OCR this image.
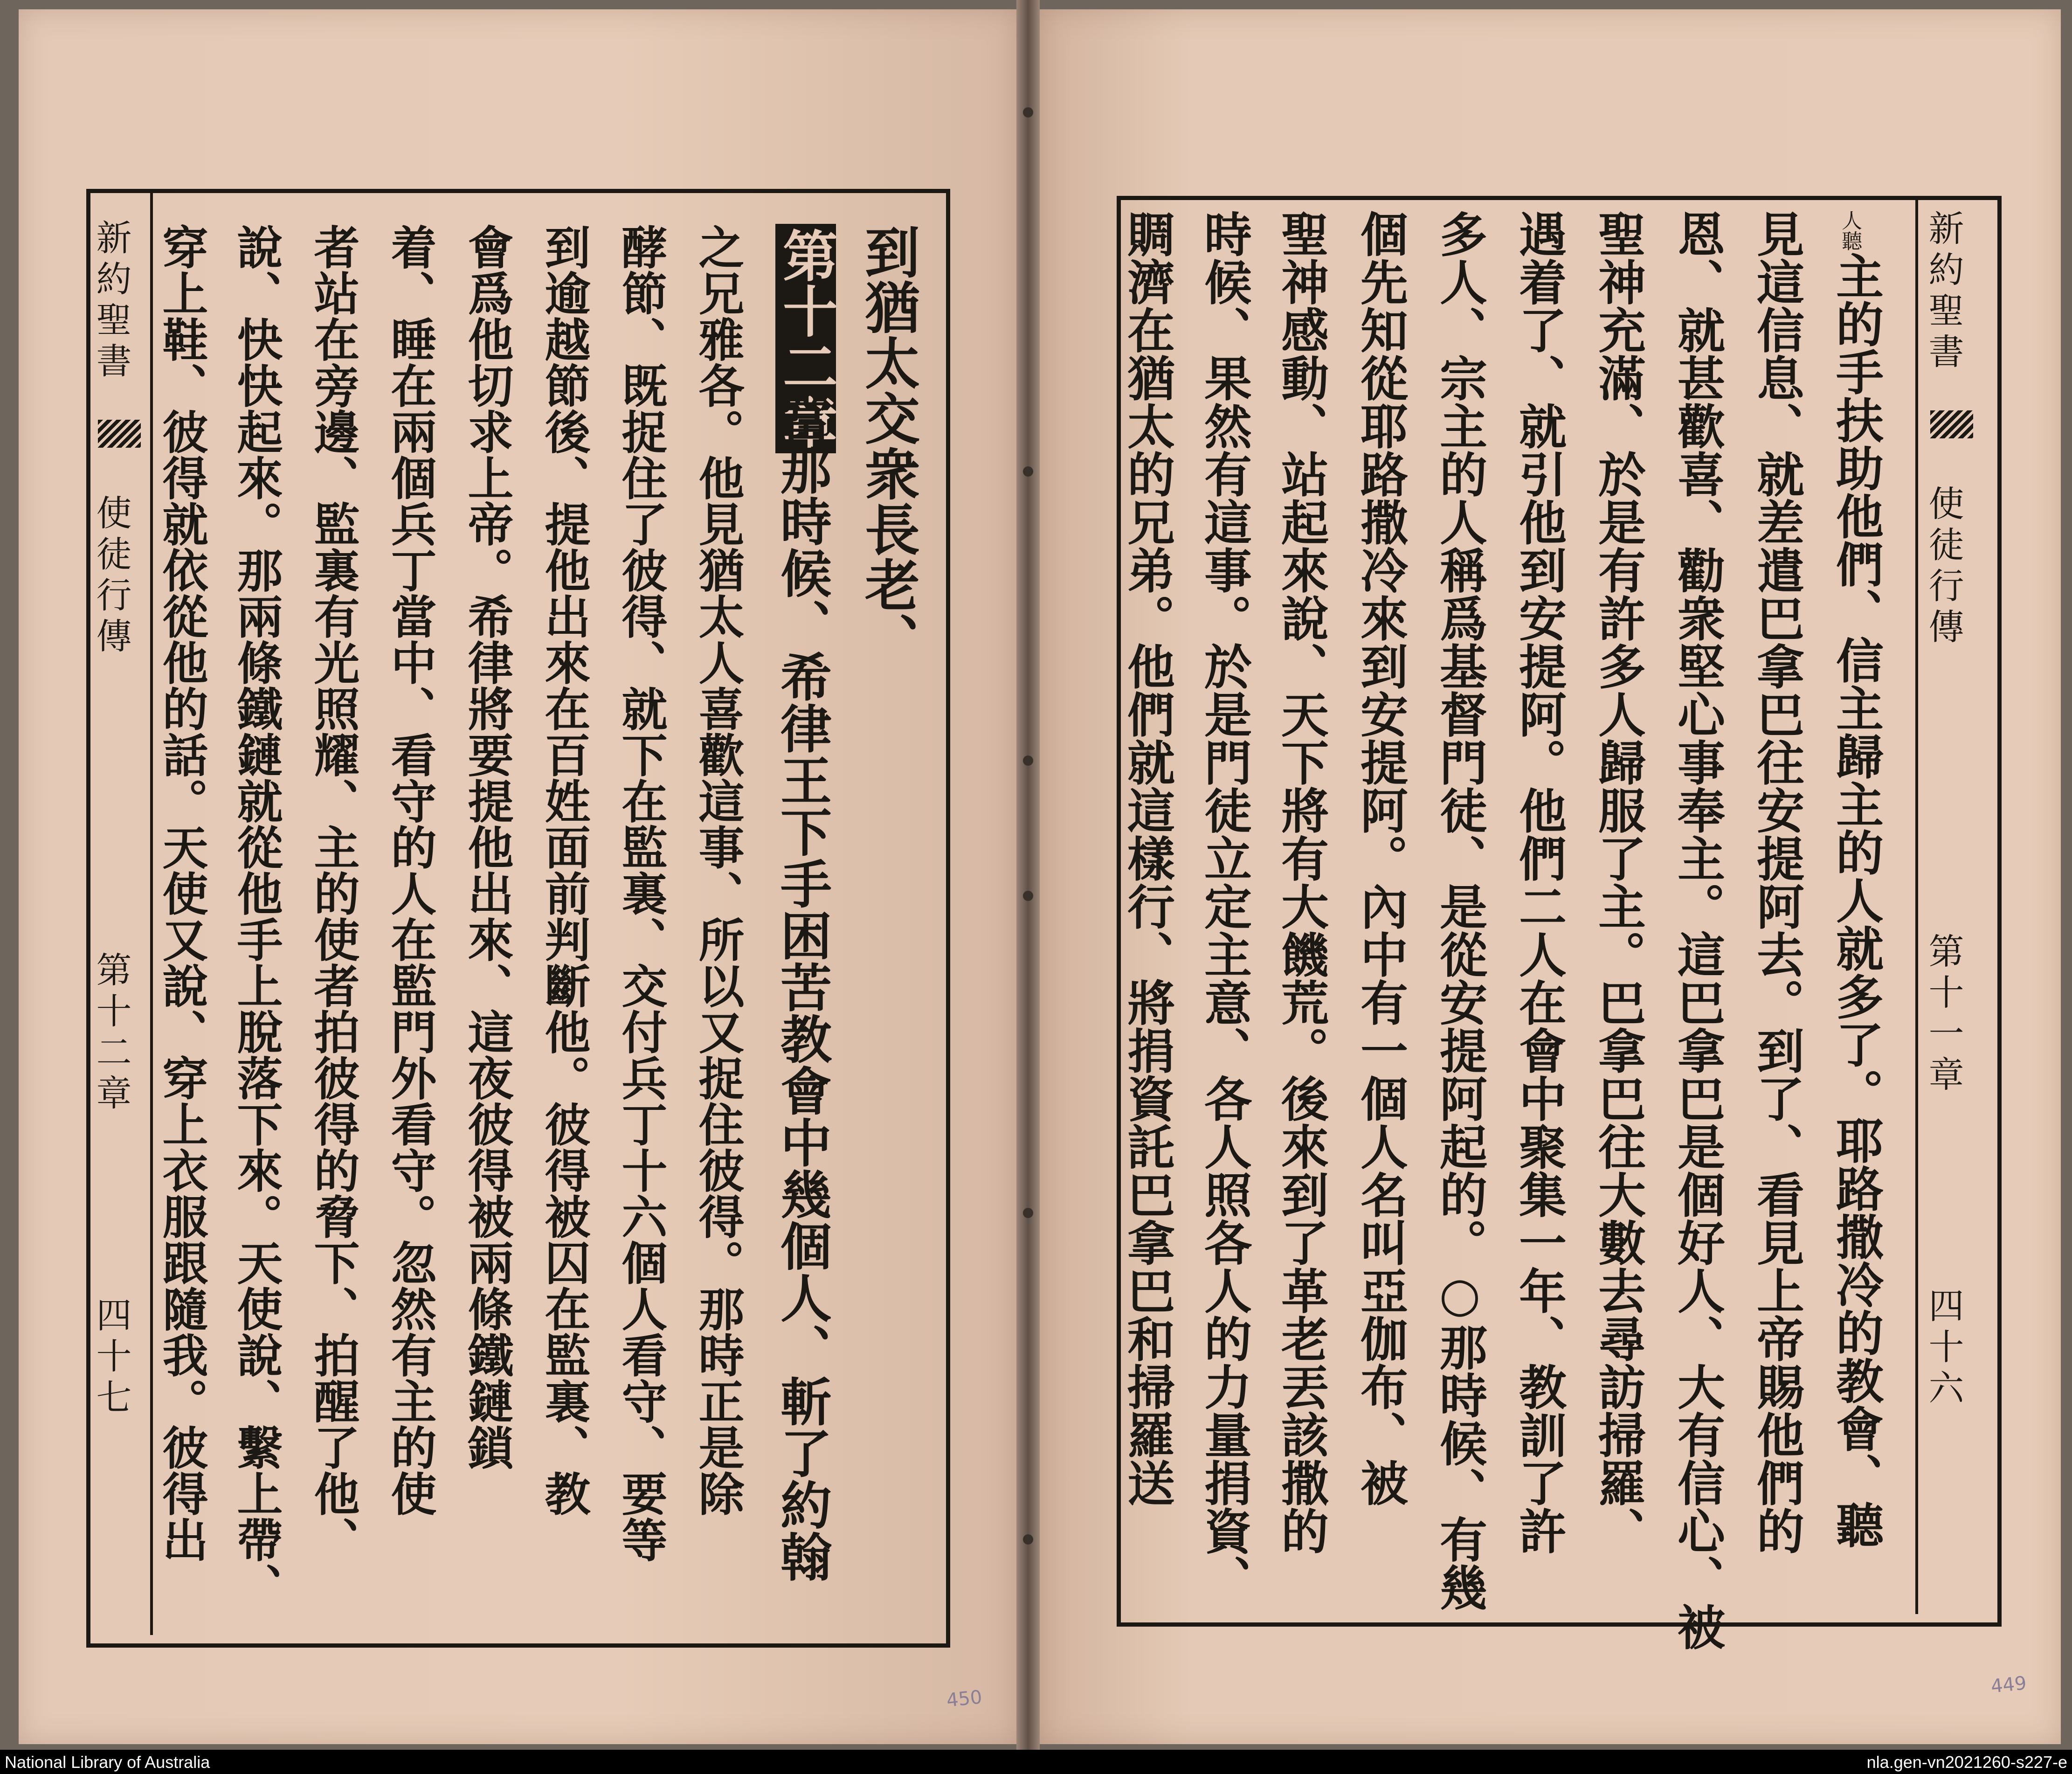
新約聖書
使徒行傳
第十二章
四十七
到猶太交衆長老、
第十二章
當那時候、希律王下手困苦教會中幾個人、斬了約翰
之兄雅各。他見猶太人喜歡這事、所以又捉住彼得。那時正是除
酵節、既捉住了彼得、就下在監裏、交付兵丁十六個人看守、要等
到逾越節後、提他出來在百姓面前判斷他。彼得被囚在監裏、教
會爲他切求上帝。希律將要提他出來、這夜彼得被兩條鐵鏈鎖
着、睡在兩個兵丁當中、看守的人在監門外看守。忽然有主的使
者站在旁邊、監裏有光照耀、主的使者拍彼得的脅下、拍醒了他、
說、快快起來。那兩條鐵鏈就從他手上脫落下來。天使說、繫上帶、
穿上鞋、彼得就依從他的話。天使又說、穿上衣服跟隨我。彼得出
450
新約聖書
使徒行傳
第十一章
四十六
人聽
主的手扶助他們、信主歸主的人就多了。耶路撒冷的教會、聽
見這信息、就差遣巴拿巴往安提阿去。到了、看見上帝賜他們的
恩、就甚歡喜、勸衆堅心事奉主。這巴拿巴是個好人、大有信心、被
聖神充滿、於是有許多人歸服了主。巴拿巴往大數去尋訪掃羅、
遇着了、就引他到安提阿。他們二人在會中聚集一年、教訓了許
多人、宗主的人稱爲基督門徒、是從安提阿起的。○那時候、有幾
個先知從耶路撒冷來到安提阿。內中有一個人名叫亞伽布、被
聖神感動、站起來說、天下將有大饑荒。後來到了革老丟該撒的
時候、果然有這事。於是門徒立定主意、各人照各人的力量捐資、
賙濟在猶太的兄弟。他們就這樣行、將捐資託巴拿巴和掃羅送
449
National Library of Australia	nla.gen-vn2021260-s227-e
